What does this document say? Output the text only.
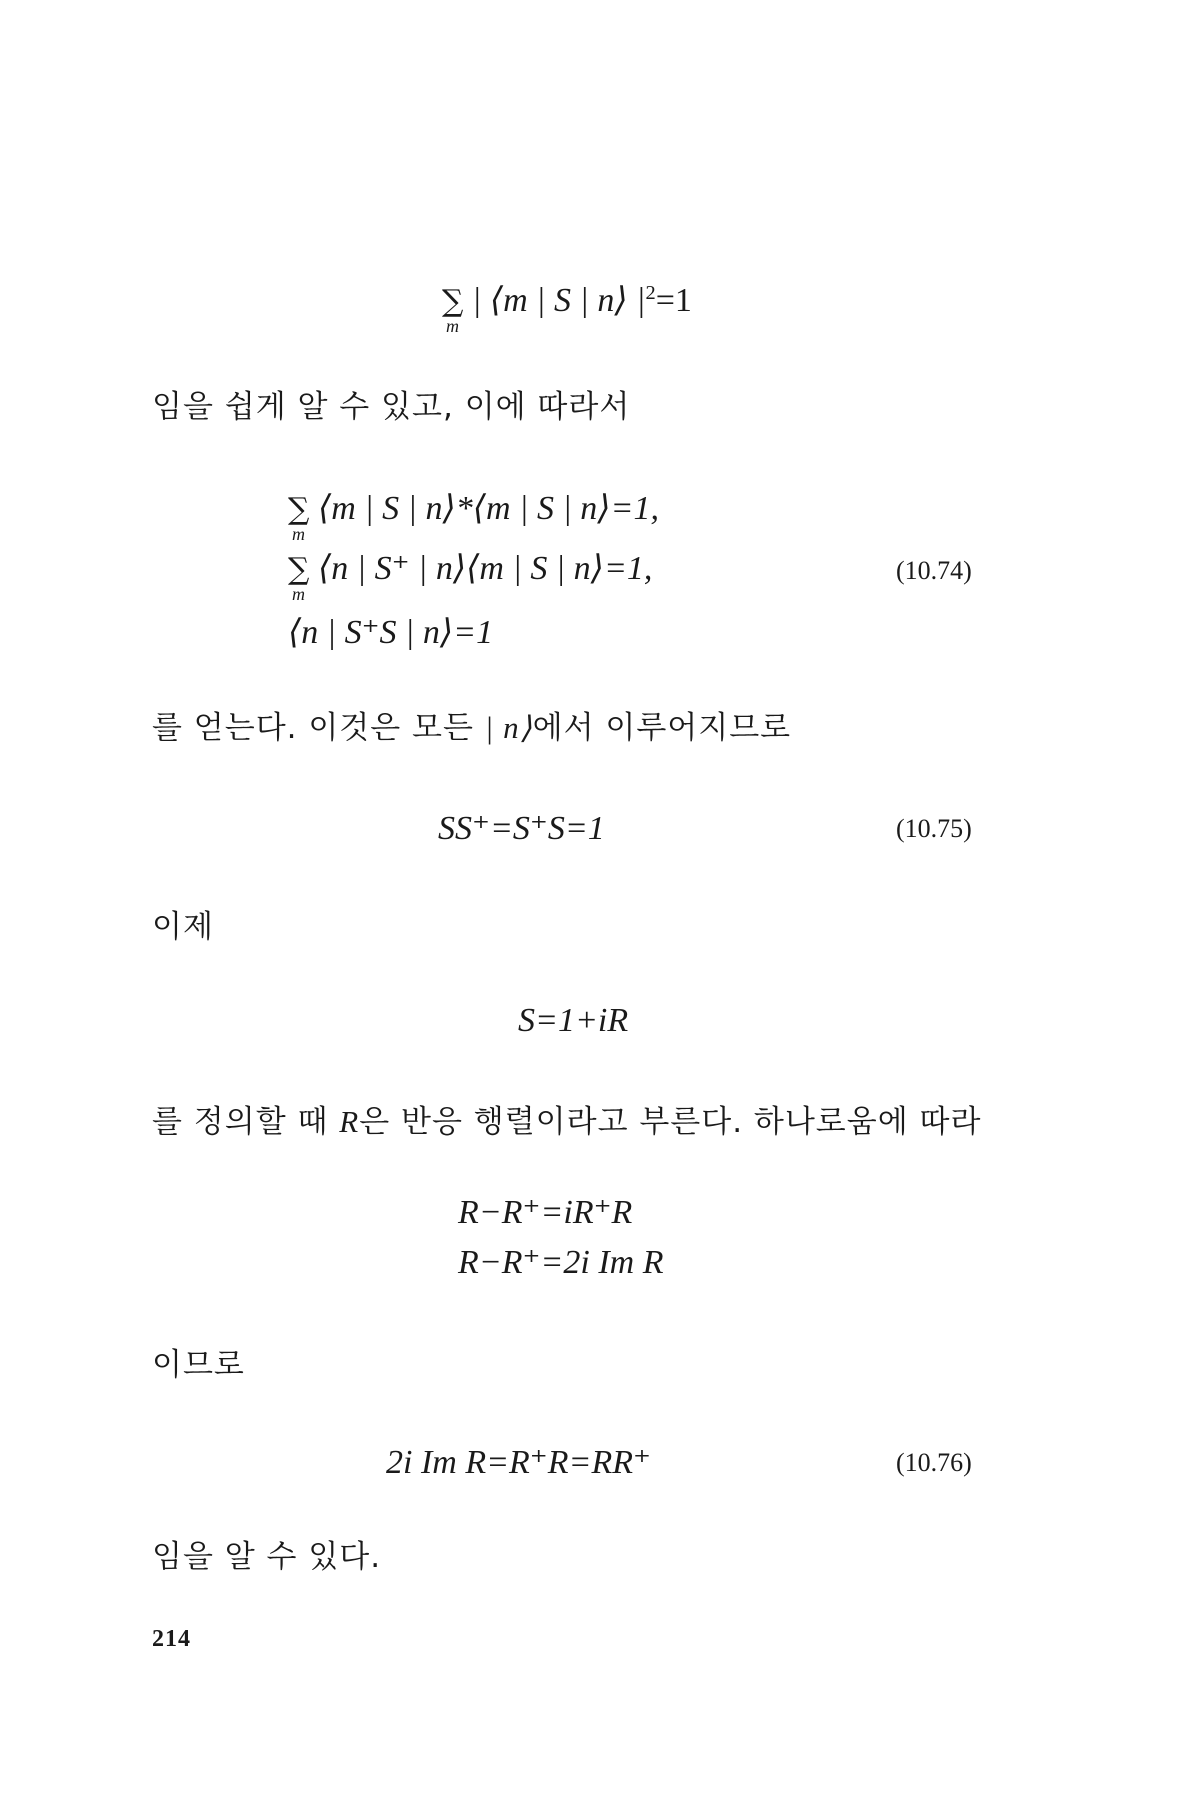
∑
m
| ⟨m | S | n⟩ $|^2=1$
임을 쉽게 알 수 있고, 이에 따라서
∑
m
⟨m | S | n⟩*⟨m | S | n⟩=1,
∑
m
⟨n | S⁺ | n⟩⟨m | S | n⟩=1,	(10.74)
⟨n | S⁺S | n⟩=1
를 얻는다. 이것은 모든 | n⟩에서 이루어지므로
SS⁺=S⁺S=1	(10.75)
이제
S=1+iR
를 정의할 때 R은 반응 행렬이라고 부른다. 하나로움에 따라
R−R⁺=iR⁺R
R−R⁺=2i Im R
이므로
2i Im R=R⁺R=RR⁺	(10.76)
임을 알 수 있다.
214
